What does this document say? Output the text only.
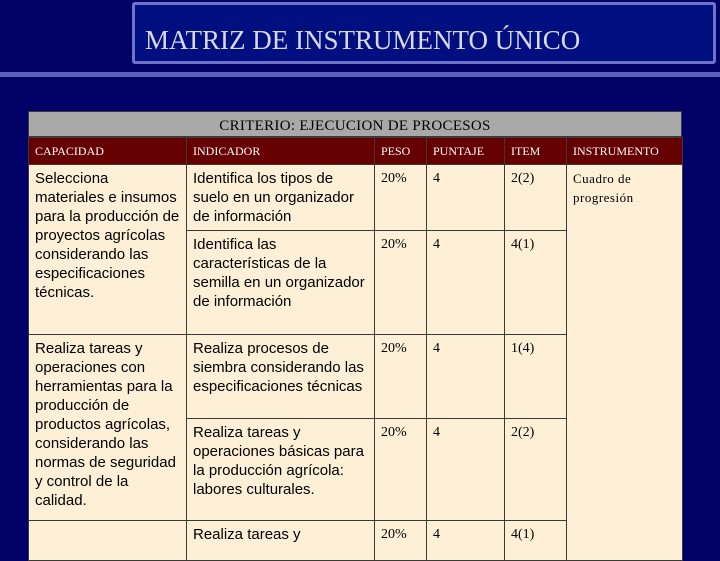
MATRIZ DE INSTRUMENTO ÚNICO
CRITERIO: EJECUCION DE PROCESOS
CAPACIDAD	INDICADOR	PESO	PUNTAJE	ITEM	INSTRUMENTO
Selecciona materiales e insumos para la producción de proyectos agrícolas considerando las especificaciones técnicas.	Identifica los tipos de suelo en un organizador de información	20%	4	2(2)	Cuadro de progresión
	Identifica las características de la semilla en un organizador de información	20%	4	4(1)	
Realiza tareas y operaciones con herramientas para la producción de productos agrícolas, considerando las normas de seguridad y control de la calidad.	Realiza procesos de siembra considerando las especificaciones técnicas	20%	4	1(4)	
	Realiza tareas y operaciones básicas para la producción agrícola: labores culturales.	20%	4	2(2)	
	Realiza tareas y	20%	4	4(1)	
